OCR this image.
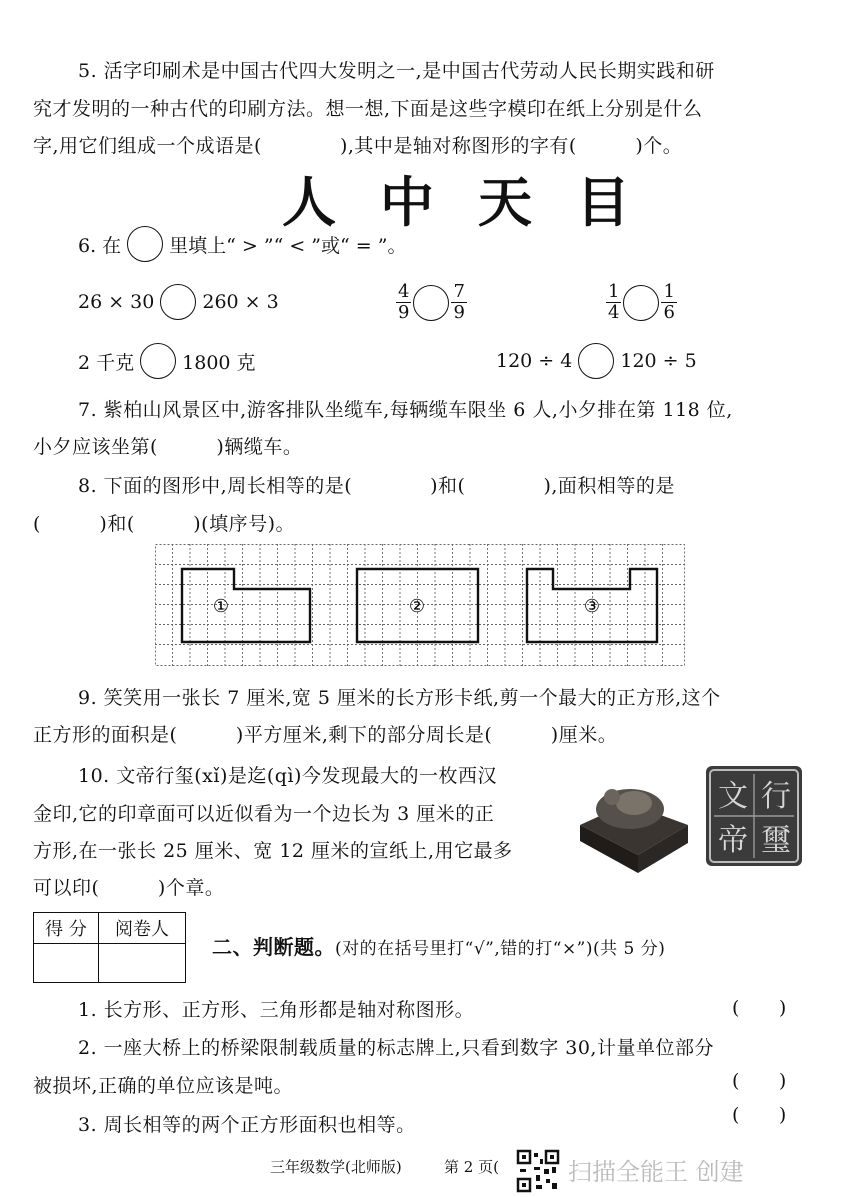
5. 活字印刷术是中国古代四大发明之一,是中国古代劳动人民长期实践和研
究才发明的一种古代的印刷方法。想一想,下面是这些字模印在纸上分别是什么
字,用它们组成一个成语是(　　　　),其中是轴对称图形的字有(　　　)个。
人中天目
6. 在	里填上“ > ”“ < ”或“ = ”。
26 × 30	260 × 3	$\frac{4}{9} \frac{7}{9}$	$\frac{1}{4} \frac{1}{6}$
2 千克	1800 克	120 ÷ 4	120 ÷ 5
7. 紫柏山风景区中,游客排队坐缆车,每辆缆车限坐 6 人,小夕排在第 118 位,
小夕应该坐第(　　　)辆缆车。
8. 下面的图形中,周长相等的是(　　　　)和(　　　　),面积相等的是
(　　　)和(　　　)(填序号)。
①	②	③
9. 笑笑用一张长 7 厘米,宽 5 厘米的长方形卡纸,剪一个最大的正方形,这个
正方形的面积是(　　　)平方厘米,剩下的部分周长是(　　　)厘米。
10. 文帝行玺(xǐ)是迄(qì)今发现最大的一枚西汉
金印,它的印章面可以近似看为一个边长为 3 厘米的正
方形,在一张长 25 厘米、宽 12 厘米的宣纸上,用它最多
可以印(　　　)个章。
行
文
璽
帝
得 分	阅卷人

二、判断题。(对的在括号里打“√”,错的打“×”)(共 5 分)
1. 长方形、正方形、三角形都是轴对称图形。	(　　)
2. 一座大桥上的桥梁限制载质量的标志牌上,只看到数字 30,计量单位部分
被损坏,正确的单位应该是吨。	(　　)
3. 周长相等的两个正方形面积也相等。	(　　)
三年级数学(北师版)	第 2 页(	扫描全能王 创建
